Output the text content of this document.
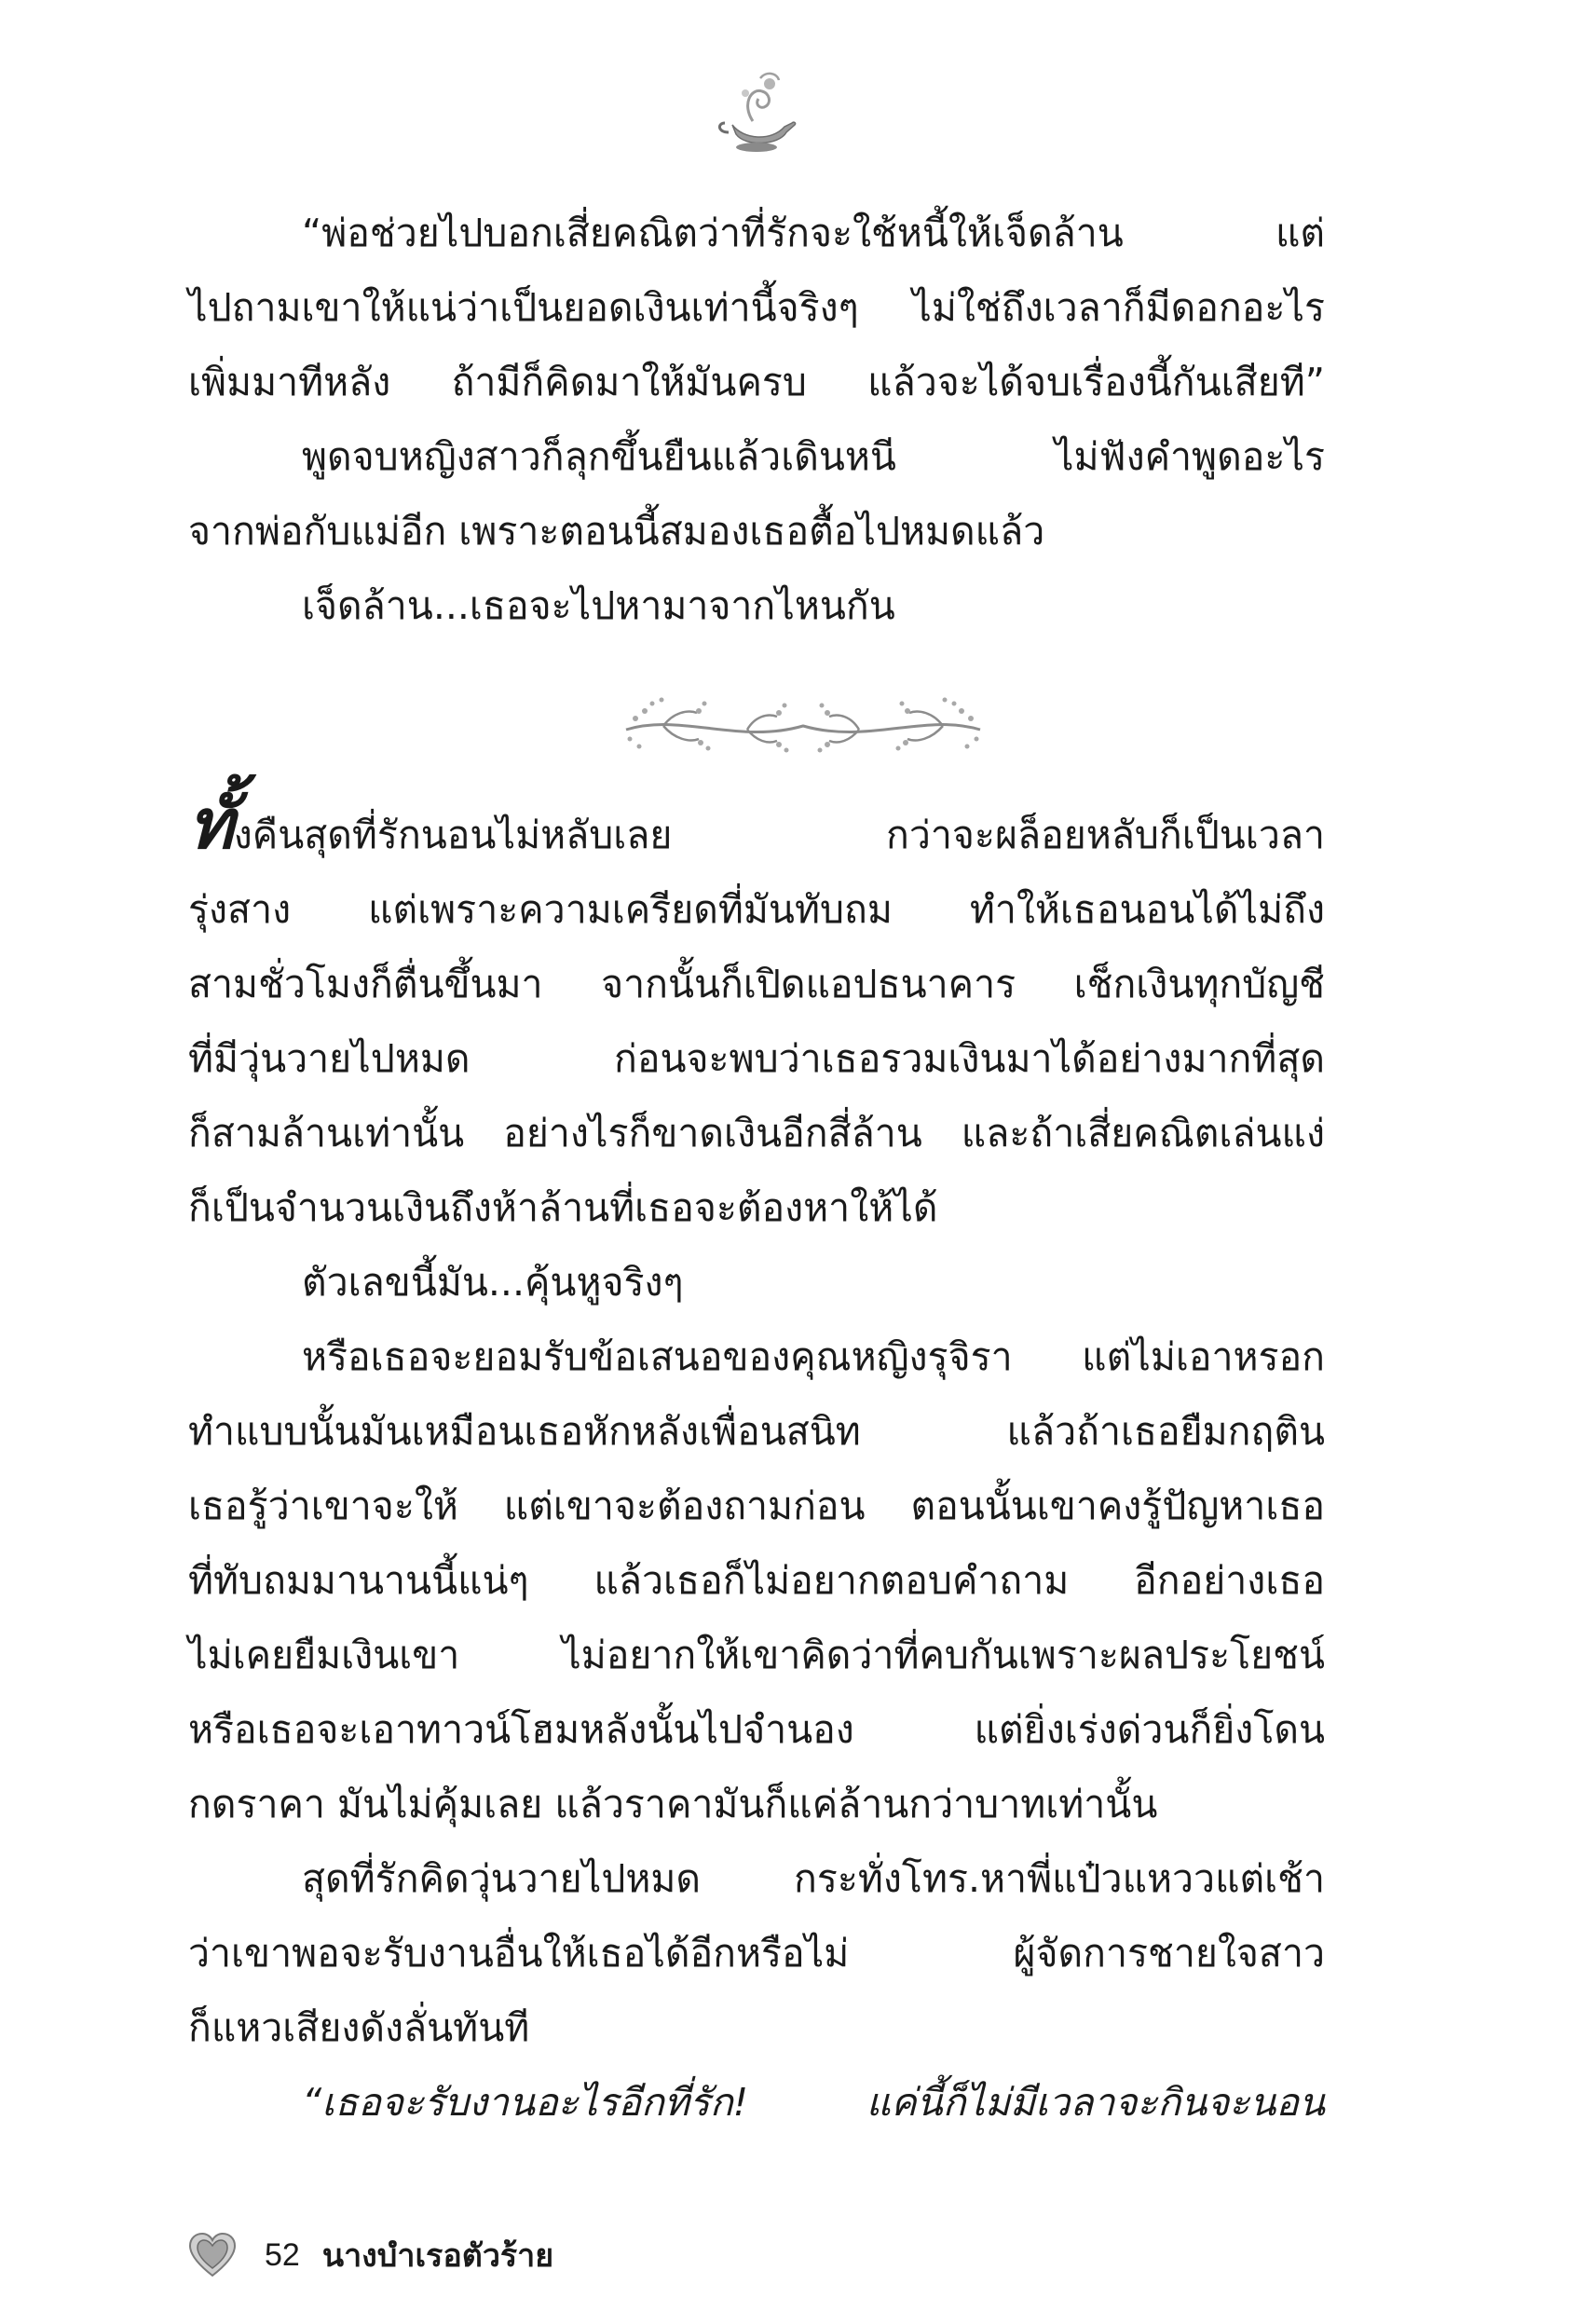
“พ่อช่วยไปบอกเสี่ยคณิตว่าที่รักจะใช้หนี้ให้เจ็ดล้าน แต่
ไปถามเขาให้แน่ว่าเป็นยอดเงินเท่านี้จริงๆ ไม่ใช่ถึงเวลาก็มีดอกอะไร
เพิ่มมาทีหลัง ถ้ามีก็คิดมาให้มันครบ แล้วจะได้จบเรื่องนี้กันเสียที”
พูดจบหญิงสาวก็ลุกขึ้นยืนแล้วเดินหนี ไม่ฟังคำพูดอะไร
จากพ่อกับแม่อีก เพราะตอนนี้สมองเธอตื้อไปหมดแล้ว
เจ็ดล้าน...เธอจะไปหามาจากไหนกัน
ทั้งคืนสุดที่รักนอนไม่หลับเลย กว่าจะผล็อยหลับก็เป็นเวลา
รุ่งสาง แต่เพราะความเครียดที่มันทับถม ทำให้เธอนอนได้ไม่ถึง
สามชั่วโมงก็ตื่นขึ้นมา จากนั้นก็เปิดแอปธนาคาร เช็กเงินทุกบัญชี
ที่มีวุ่นวายไปหมด ก่อนจะพบว่าเธอรวมเงินมาได้อย่างมากที่สุด
ก็สามล้านเท่านั้น อย่างไรก็ขาดเงินอีกสี่ล้าน และถ้าเสี่ยคณิตเล่นแง่
ก็เป็นจำนวนเงินถึงห้าล้านที่เธอจะต้องหาให้ได้
ตัวเลขนี้มัน...คุ้นหูจริงๆ
หรือเธอจะยอมรับข้อเสนอของคุณหญิงรุจิรา แต่ไม่เอาหรอก
ทำแบบนั้นมันเหมือนเธอหักหลังเพื่อนสนิท แล้วถ้าเธอยืมกฤติน
เธอรู้ว่าเขาจะให้ แต่เขาจะต้องถามก่อน ตอนนั้นเขาคงรู้ปัญหาเธอ
ที่ทับถมมานานนี้แน่ๆ แล้วเธอก็ไม่อยากตอบคำถาม อีกอย่างเธอ
ไม่เคยยืมเงินเขา ไม่อยากให้เขาคิดว่าที่คบกันเพราะผลประโยชน์
หรือเธอจะเอาทาวน์โฮมหลังนั้นไปจำนอง แต่ยิ่งเร่งด่วนก็ยิ่งโดน
กดราคา มันไม่คุ้มเลย แล้วราคามันก็แค่ล้านกว่าบาทเท่านั้น
สุดที่รักคิดวุ่นวายไปหมด กระทั่งโทร.หาพี่แป๋วแหววแต่เช้า
ว่าเขาพอจะรับงานอื่นให้เธอได้อีกหรือไม่ ผู้จัดการชายใจสาว
ก็แหวเสียงดังลั่นทันที
“เธอจะรับงานอะไรอีกที่รัก! แค่นี้ก็ไม่มีเวลาจะกินจะนอน
52 นางบำเรอตัวร้าย
